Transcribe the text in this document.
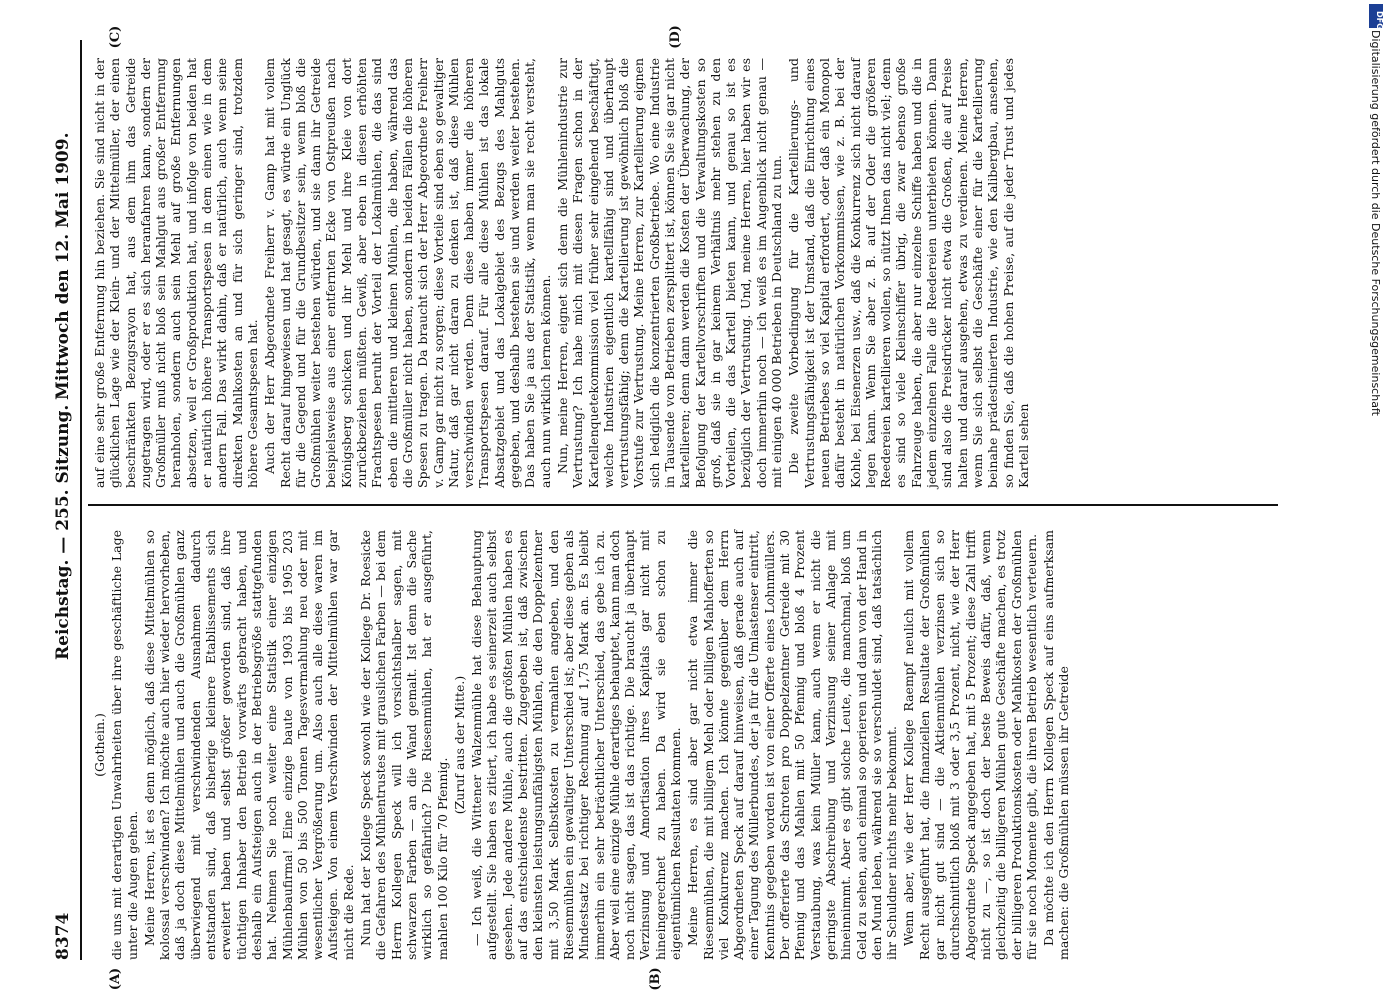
8374
Reichstag. — 255. Sitzung.
Mittwoch den 12. Mai 1909.
(A)	(B)
(C)	(D)

(Gothein.) die uns mit derartigen Unwahrheiten über ihre geschäftliche Lage unter die Augen gehen. Meine Herren, ist es denn möglich, daß diese Mittelmühlen so kolossal verschwinden? Ich möchte auch hier wieder hervorheben, daß ja doch diese Mittelmühlen und auch die Großmühlen ganz überwiegend mit verschwindenden Ausnahmen dadurch entstanden sind, daß bisherige kleinere Etablissements sich erweitert haben und selbst größer geworden sind, daß ihre tüchtigen Inhaber den Betrieb vorwärts gebracht haben, und deshalb ein Aufsteigen auch in der Betriebsgröße stattgefunden hat. Nehmen Sie noch weiter eine Statistik einer einzigen Mühlenbaufirma! Eine einzige baute von 1903 bis 1905 203 Mühlen von 50 bis 500 Tonnen Tagesvermahlung neu oder mit wesentlicher Vergrößerung um. Also auch alle diese waren im Aufsteigen. Von einem Verschwinden der Mittelmühlen war gar nicht die Rede. Nun hat der Kollege Speck sowohl wie der Kollege Dr. Roesicke die Gefahren des Mühlentrustes mit grauslichen Farben — bei dem Herrn Kollegen Speck will ich vorsichtshalber sagen, mit schwarzen Farben — an die Wand gemalt. Ist denn die Sache wirklich so gefährlich? Die Riesenmühlen, hat er ausgeführt, mahlen 100 Kilo für 70 Pfennig.

(Zuruf aus der Mitte.) — Ich weiß, die Wittener Walzenmühle hat diese Behauptung aufgestellt. Sie haben es zitiert, ich habe es seinerzeit auch selbst gesehen. Jede andere Mühle, auch die größten Mühlen haben es auf das entschiedenste bestritten. Zugegeben ist, daß zwischen den kleinsten leistungsunfähigsten Mühlen, die den Doppelzentner mit 3,50 Mark Selbstkosten zu vermahlen angeben, und den Riesenmühlen ein gewaltiger Unterschied ist; aber diese geben als Mindestsatz bei richtiger Rechnung auf 1,75 Mark an. Es bleibt immerhin ein sehr beträchtlicher Unterschied, das gebe ich zu. Aber weil eine einzige Mühle derartiges behauptet, kann man doch noch nicht sagen, das ist das richtige. Die braucht ja überhaupt Verzinsung und Amortisation ihres Kapitals gar nicht mit hineingerechnet zu haben. Da wird sie eben schon zu eigentümlichen Resultaten kommen. Meine Herren, es sind aber gar nicht etwa immer die Riesenmühlen, die mit billigem Mehl oder billigen Mahlofferten so viel Konkurrenz machen. Ich könnte gegenüber dem Herrn Abgeordneten Speck auf darauf hinweisen, daß gerade auch auf einer Tagung des Müllerbundes, der ja für die Umlastenser eintritt, Kenntnis gegeben worden ist von einer Offerte eines Lohnmüllers. Der offerierte das Schroten pro Doppelzentner Getreide mit 30 Pfennig und das Mahlen mit 50 Pfennig und bloß 4 Prozent Verstaubung, was kein Müller kann, auch wenn er nicht die geringste Abschreibung und Verzinsung seiner Anlage mit hineinnimmt. Aber es gibt solche Leute, die manchmal, bloß um Geld zu sehen, auch einmal so operieren und dann von der Hand in den Mund leben, während sie so verschuldet sind, daß tatsächlich ihr Schuldner nichts mehr bekommt. Wenn aber, wie der Herr Kollege Raempf neulich mit vollem Recht ausgeführt hat, die finanziellen Resultate der Großmühlen gar nicht gut sind — die Aktienmühlen verzinsen sich so durchschnittlich bloß mit 3 oder 3,5 Prozent, nicht, wie der Herr Abgeordnete Speck angegeben hat, mit 5 Prozent; diese Zahl trifft nicht zu —, so ist doch der beste Beweis dafür, daß, wenn gleichzeitig die billigeren Mühlen gute Geschäfte machen, es trotz der billigeren Produktionskosten oder Mahlkosten der Großmühlen für sie noch Momente gibt, die ihren Betrieb wesentlich verteuern. Da möchte ich den Herrn Kollegen Speck auf eins aufmerksam machen: die Großmühlen müssen ihr Getreide

auf eine sehr große Entfernung hin beziehen. Sie sind nicht in der glücklichen Lage wie der Klein- und der Mittelmüller, der einen beschränkten Bezugsrayon hat, aus dem ihm das Getreide zugetragen wird, oder er es sich heranfahren kann, sondern der Großmüller muß nicht bloß sein Mahlgut aus großer Entfernung heranholen, sondern auch sein Mehl auf große Entfernungen absetzen, weil er Großproduktion hat, und infolge von beiden hat er natürlich höhere Transportspesen in dem einen wie in dem andern Fall. Das wirkt dahin, daß er natürlich, auch wenn seine direkten Mahlkosten an und für sich geringer sind, trotzdem höhere Gesamtspesen hat. Auch der Herr Abgeordnete Freiherr v. Gamp hat mit vollem Recht darauf hingewiesen und hat gesagt, es würde ein Unglück für die Gegend und für die Grundbesitzer sein, wenn bloß die Großmühlen weiter bestehen würden, und sie dann ihr Getreide beispielsweise aus einer entfernten Ecke von Ostpreußen nach Königsberg schicken und ihr Mehl und ihre Kleie von dort zurückbeziehen müßten. Gewiß, aber eben in diesen erhöhten Frachtspesen beruht der Vorteil der Lokalmühlen, die das sind eben die mittleren und kleinen Mühlen, die haben, während das die Großmüller nicht haben, sondern in beiden Fällen die höheren Spesen zu tragen. Da braucht sich der Herr Abgeordnete Freiherr v. Gamp gar nicht zu sorgen; diese Vorteile sind eben so gewaltiger Natur, daß gar nicht daran zu denken ist, daß diese Mühlen verschwinden werden. Denn diese haben immer die höheren Transportspesen darauf. Für alle diese Mühlen ist das lokale Absatzgebiet und das Lokalgebiet des Bezugs des Mahlguts gegeben, und deshalb bestehen sie und werden weiter bestehen. Das haben Sie ja aus der Statistik, wenn man sie recht versteht, auch nun wirklich lernen können. Nun, meine Herren, eignet sich denn die Mühlenindustrie zur Vertrustung? Ich habe mich mit diesen Fragen schon in der Kartellenquetekommission viel früher sehr eingehend beschäftigt, welche Industrien eigentlich kartellfähig sind und überhaupt vertrustungsfähig; denn die Kartellierung ist gewöhnlich bloß die Vorstufe zur Vertrustung. Meine Herren, zur Kartellierung eignen sich lediglich die konzentrierten Großbetriebe. Wo eine Industrie in Tausende von Betrieben zersplittert ist, können Sie sie gar nicht kartellieren; denn dann werden die Kosten der Überwachung, der Befolgung der Kartellvorschriften und die Verwaltungskosten so groß, daß sie in gar keinem Verhältnis mehr stehen zu den Vorteilen, die das Kartell bieten kann, und genau so ist es bezüglich der Vertrustung. Und, meine Herren, hier haben wir es doch immerhin noch — ich weiß es im Augenblick nicht genau — mit einigen 40 000 Betrieben in Deutschland zu tun. Die zweite Vorbedingung für die Kartellierungs- und Vertrustungsfähigkeit ist der Umstand, daß die Einrichtung eines neuen Betriebes so viel Kapital erfordert, oder daß ein Monopol dafür besteht in natürlichen Vorkommnissen, wie z. B. bei der Kohle, bei Eisenerzen usw., daß die Konkurrenz sich nicht darauf legen kann. Wenn Sie aber z. B. auf der Oder die größeren Reedereien kartellieren wollen, so nützt Ihnen das nicht viel; denn es sind so viele Kleinschiffer übrig, die zwar ebenso große Fahrzeuge haben, die aber nur einzelne Schiffe haben und die in jedem einzelnen Falle die Reedereien unterbieten können. Dann sind also die Preisdrücker nicht etwa die Großen, die auf Preise halten und darauf ausgehen, etwas zu verdienen. Meine Herren, wenn Sie sich selbst die Geschäfte einer für die Kartellierung beinahe prädestinierten Industrie, wie den Kalibergbau, ansehen, so finden Sie, daß die hohen Preise, auf die jeder Trust und jedes Kartell sehen

DFG
Digitalisierung gefördert durch die Deutsche Forschungsgemeinschaft
